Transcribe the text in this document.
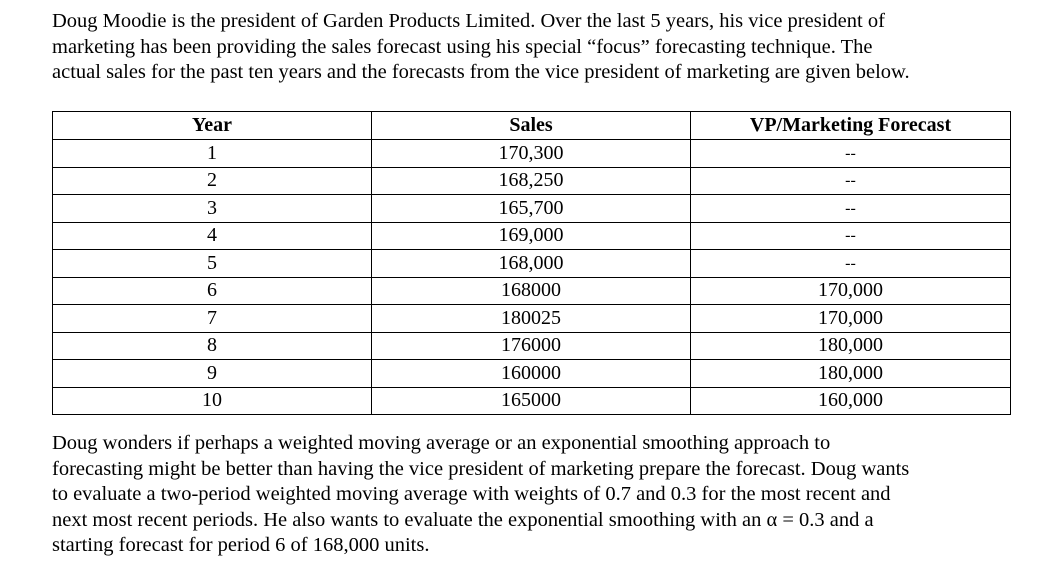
Doug Moodie is the president of Garden Products Limited. Over the last 5 years, his vice president of
marketing has been providing the sales forecast using his special “focus” forecasting technique. The
actual sales for the past ten years and the forecasts from the vice president of marketing are given below.
Year	Sales	VP/Marketing Forecast
1	170,300	--
2	168,250	--
3	165,700	--
4	169,000	--
5	168,000	--
6	168000	170,000
7	180025	170,000
8	176000	180,000
9	160000	180,000
10	165000	160,000
Doug wonders if perhaps a weighted moving average or an exponential smoothing approach to
forecasting might be better than having the vice president of marketing prepare the forecast. Doug wants
to evaluate a two-period weighted moving average with weights of 0.7 and 0.3 for the most recent and
next most recent periods. He also wants to evaluate the exponential smoothing with an α = 0.3 and a
starting forecast for period 6 of 168,000 units.
